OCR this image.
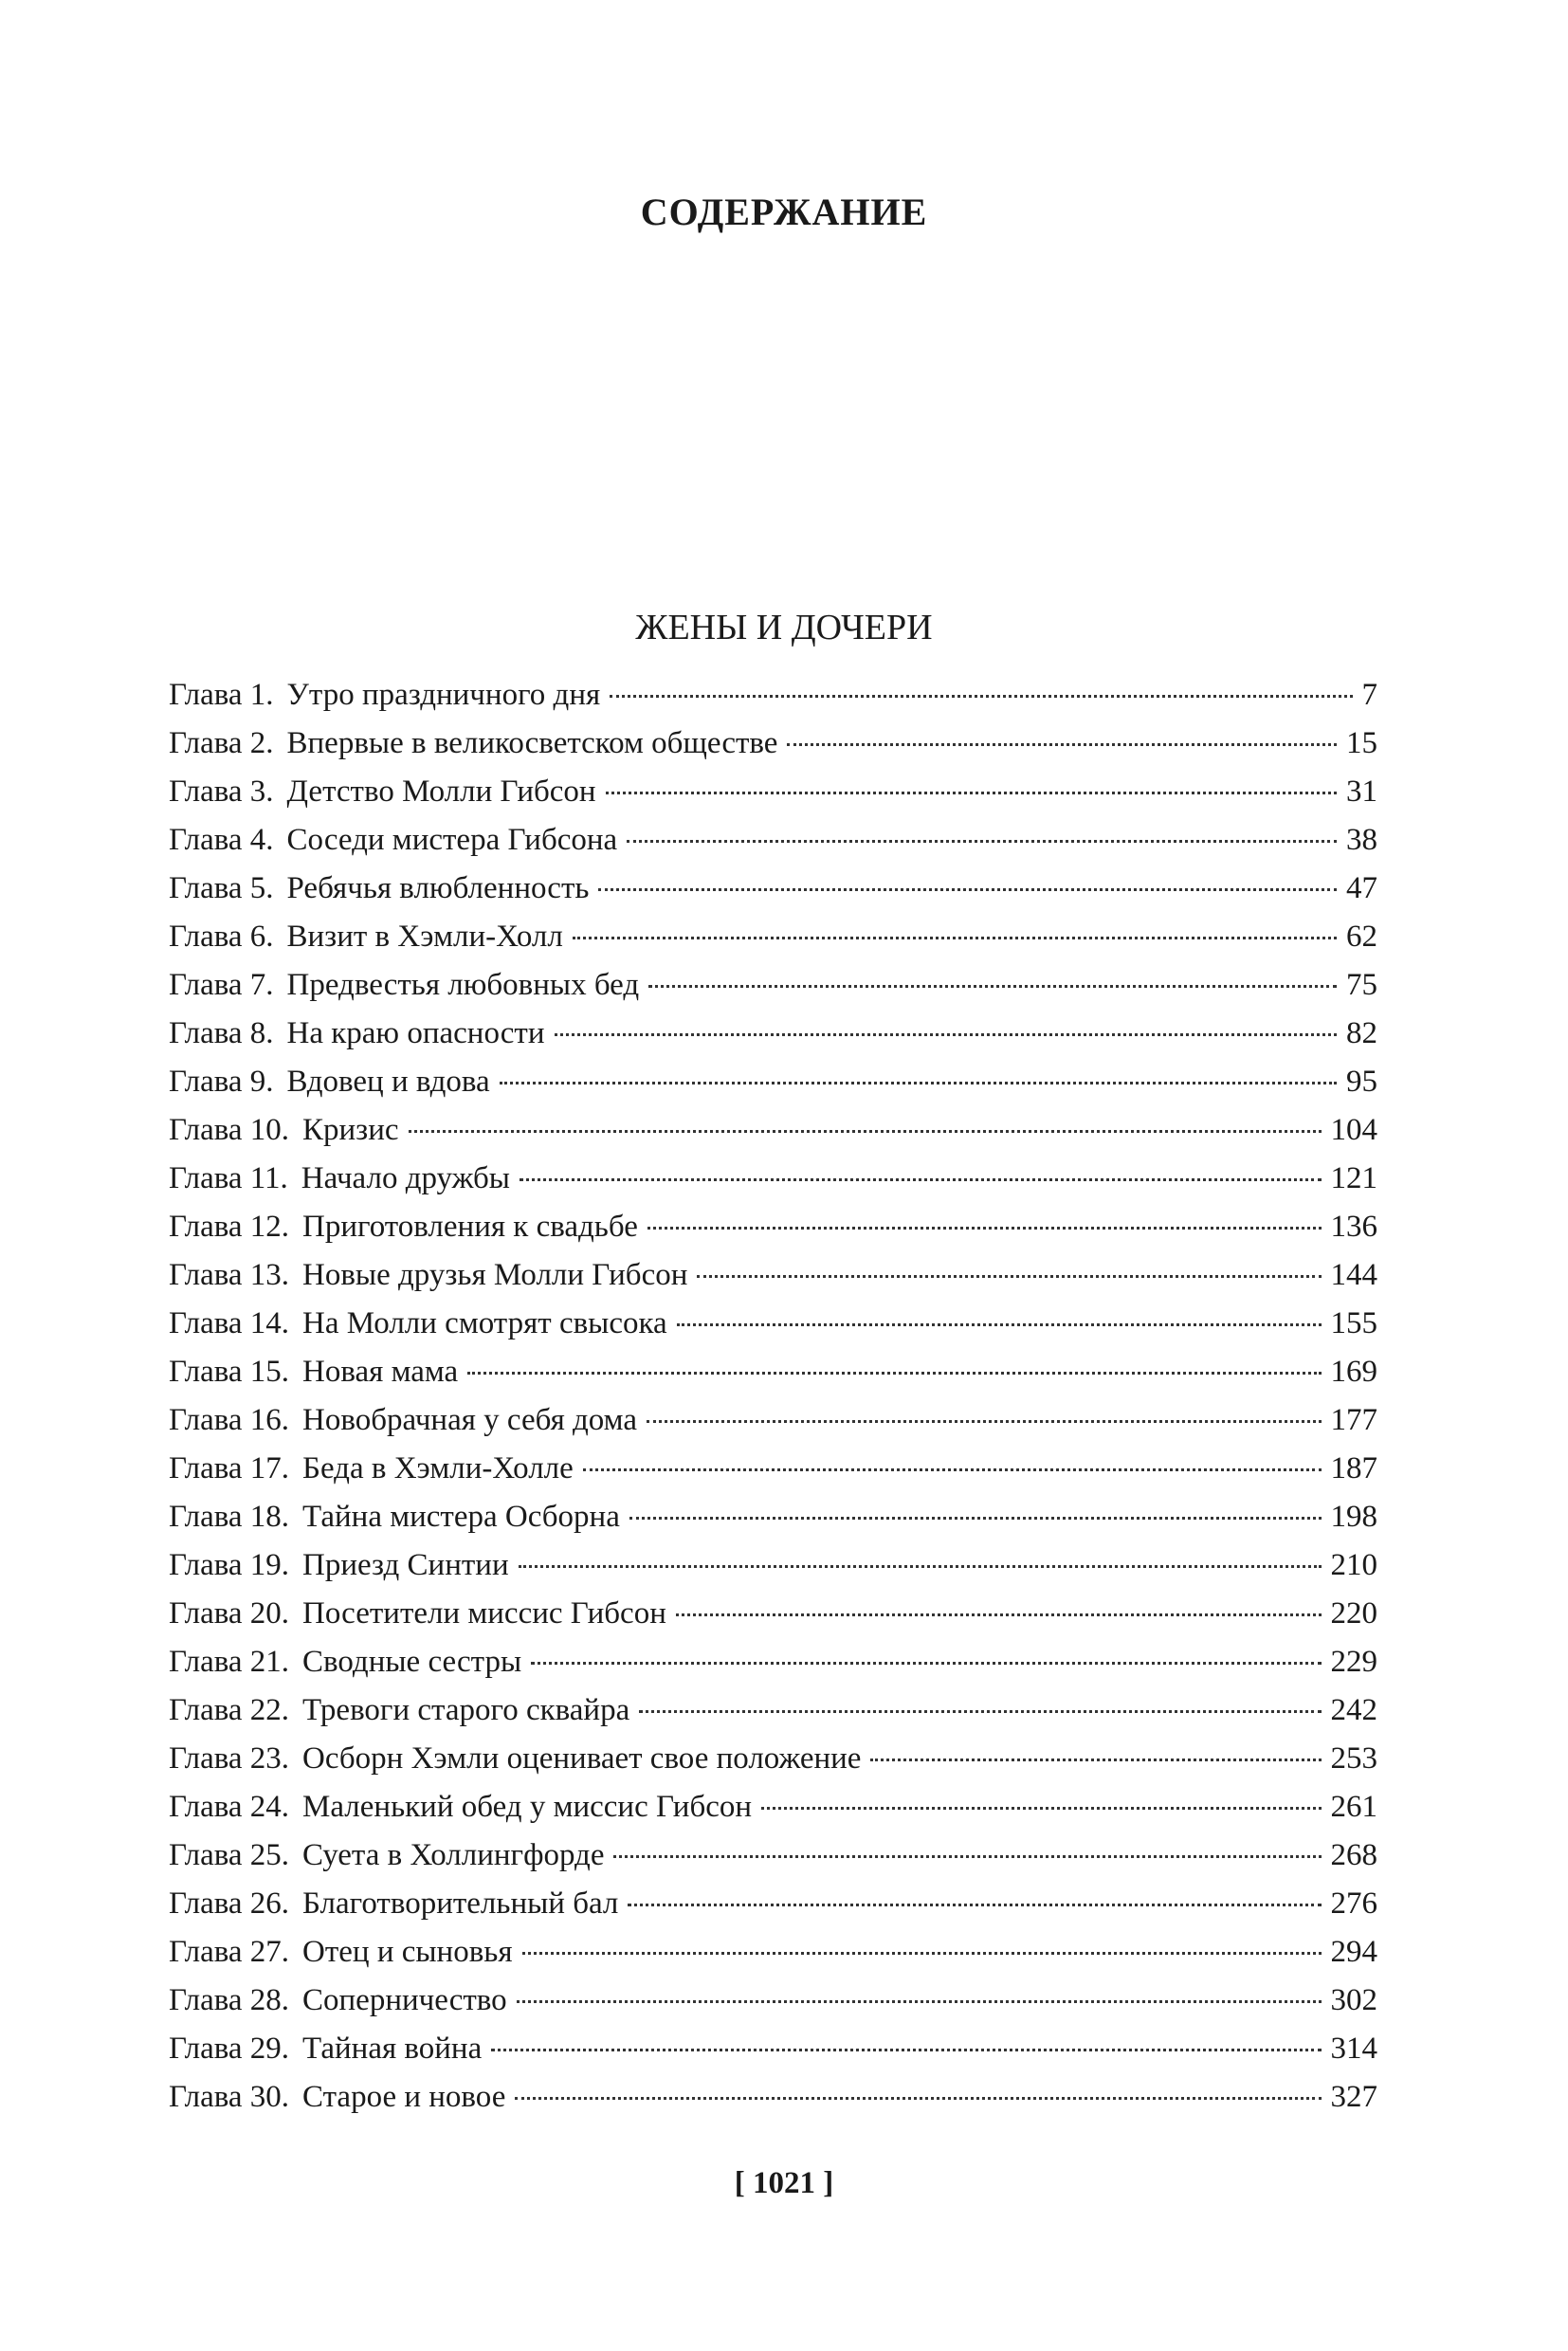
СОДЕРЖАНИЕ
ЖЕНЫ И ДОЧЕРИ
Глава 1. Утро праздничного дня	7
Глава 2. Впервые в великосветском обществе	15
Глава 3. Детство Молли Гибсон	31
Глава 4. Соседи мистера Гибсона	38
Глава 5. Ребячья влюбленность	47
Глава 6. Визит в Хэмли-Холл	62
Глава 7. Предвестья любовных бед	75
Глава 8. На краю опасности	82
Глава 9. Вдовец и вдова	95
Глава 10. Кризис	104
Глава 11. Начало дружбы	121
Глава 12. Приготовления к свадьбе	136
Глава 13. Новые друзья Молли Гибсон	144
Глава 14. На Молли смотрят свысока	155
Глава 15. Новая мама	169
Глава 16. Новобрачная у себя дома	177
Глава 17. Беда в Хэмли-Холле	187
Глава 18. Тайна мистера Осборна	198
Глава 19. Приезд Синтии	210
Глава 20. Посетители миссис Гибсон	220
Глава 21. Сводные сестры	229
Глава 22. Тревоги старого сквайра	242
Глава 23. Осборн Хэмли оценивает свое положение	253
Глава 24. Маленький обед у миссис Гибсон	261
Глава 25. Суета в Холлингфорде	268
Глава 26. Благотворительный бал	276
Глава 27. Отец и сыновья	294
Глава 28. Соперничество	302
Глава 29. Тайная война	314
Глава 30. Старое и новое	327
[ 1021 ]
